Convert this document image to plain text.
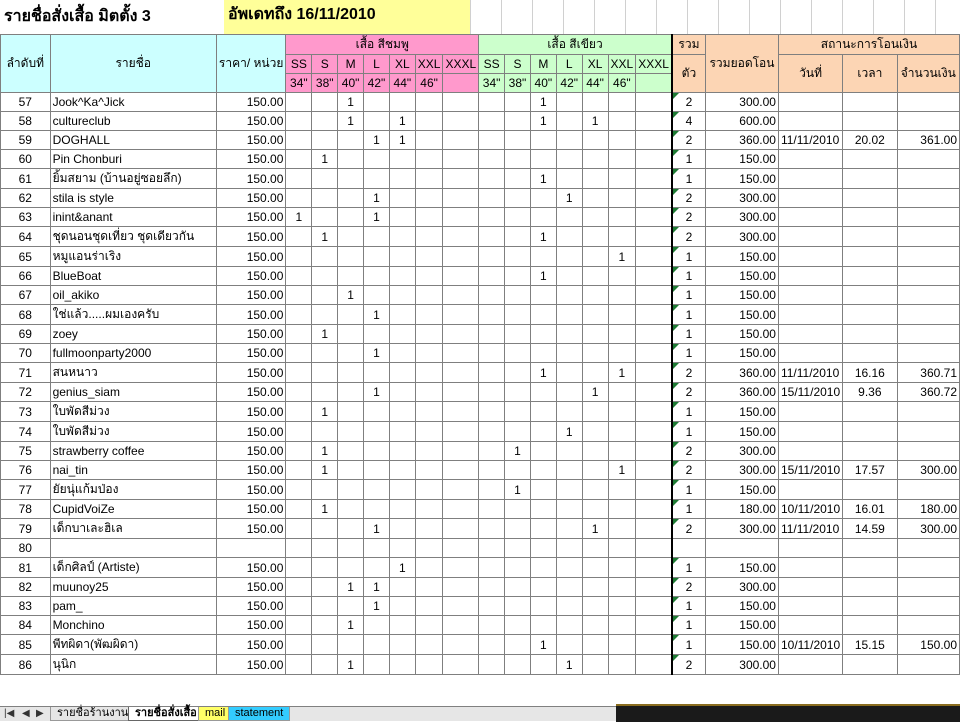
รายชื่อสั่งเสื้อ มิตตั้ง 3	อัพเดทถึง 16/11/2010
ลำดับที่	รายชื่อ	ราคา/ หน่วย	เสื้อ สีชมพู							เสื้อ สีเขียว							รวม	รวมยอดโอน	สถานะการโอนเงิน		
			SS	S	M	L	XL	XXL	XXXL	SS	S	M	L	XL	XXL	XXXL	ตัว		วันที่	เวลา	จำนวนเงิน
			34"	38"	40"	42"	44"	46"		34"	38"	40"	42"	44"	46"						
57	Jook^Ka^Jick	150.00			1							1					2	300.00			
58	cultureclub	150.00			1		1					1		1			4	600.00			
59	DOGHALL	150.00				1	1										2	360.00	11/11/2010	20.02	361.00
60	Pin Chonburi	150.00		1													1	150.00			
61	ยิ้มสยาม (บ้านอยู่ซอยลึก)	150.00										1					1	150.00			
62	stila is style	150.00				1							1				2	300.00			
63	inint&anant	150.00	1			1											2	300.00			
64	ชุดนอนชุดเที่ยว ชุดเดียวกัน	150.00		1								1					2	300.00			
65	หมูแอนร่าเริง	150.00													1		1	150.00			
66	BlueBoat	150.00										1					1	150.00			
67	oil_akiko	150.00			1												1	150.00			
68	ใช่แล้ว.....ผมเองครับ	150.00				1											1	150.00			
69	zoey	150.00		1													1	150.00			
70	fullmoonparty2000	150.00				1											1	150.00			
71	สนหนาว	150.00										1			1		2	360.00	11/11/2010	16.16	360.71
72	genius_siam	150.00				1								1			2	360.00	15/11/2010	9.36	360.72
73	ใบพัดสีม่วง	150.00		1													1	150.00			
74	ใบพัดสีม่วง	150.00											1				1	150.00			
75	strawberry coffee	150.00		1							1						2	300.00			
76	nai_tin	150.00		1											1		2	300.00	15/11/2010	17.57	300.00
77	ยัยนุ่แก้มป่อง	150.00									1						1	150.00			
78	CupidVoiZe	150.00		1													1	180.00	10/11/2010	16.01	180.00
79	เด็กบาเละฮิเล	150.00				1								1			2	300.00	11/11/2010	14.59	300.00
80																					
81	เด็กศิลป์ (Artiste)	150.00					1										1	150.00			
82	muunoy25	150.00			1	1											2	300.00			
83	pam_	150.00				1											1	150.00			
84	Monchino	150.00			1												1	150.00			
85	พีทผิดา(พัฒผิดา)	150.00										1					1	150.00	10/11/2010	15.15	150.00
86	นุนิก	150.00			1								1				2	300.00			
|◀ ◀ ▶	รายชื่อร้านงาน รายชื่อสั่งเสื้อ mail statement
